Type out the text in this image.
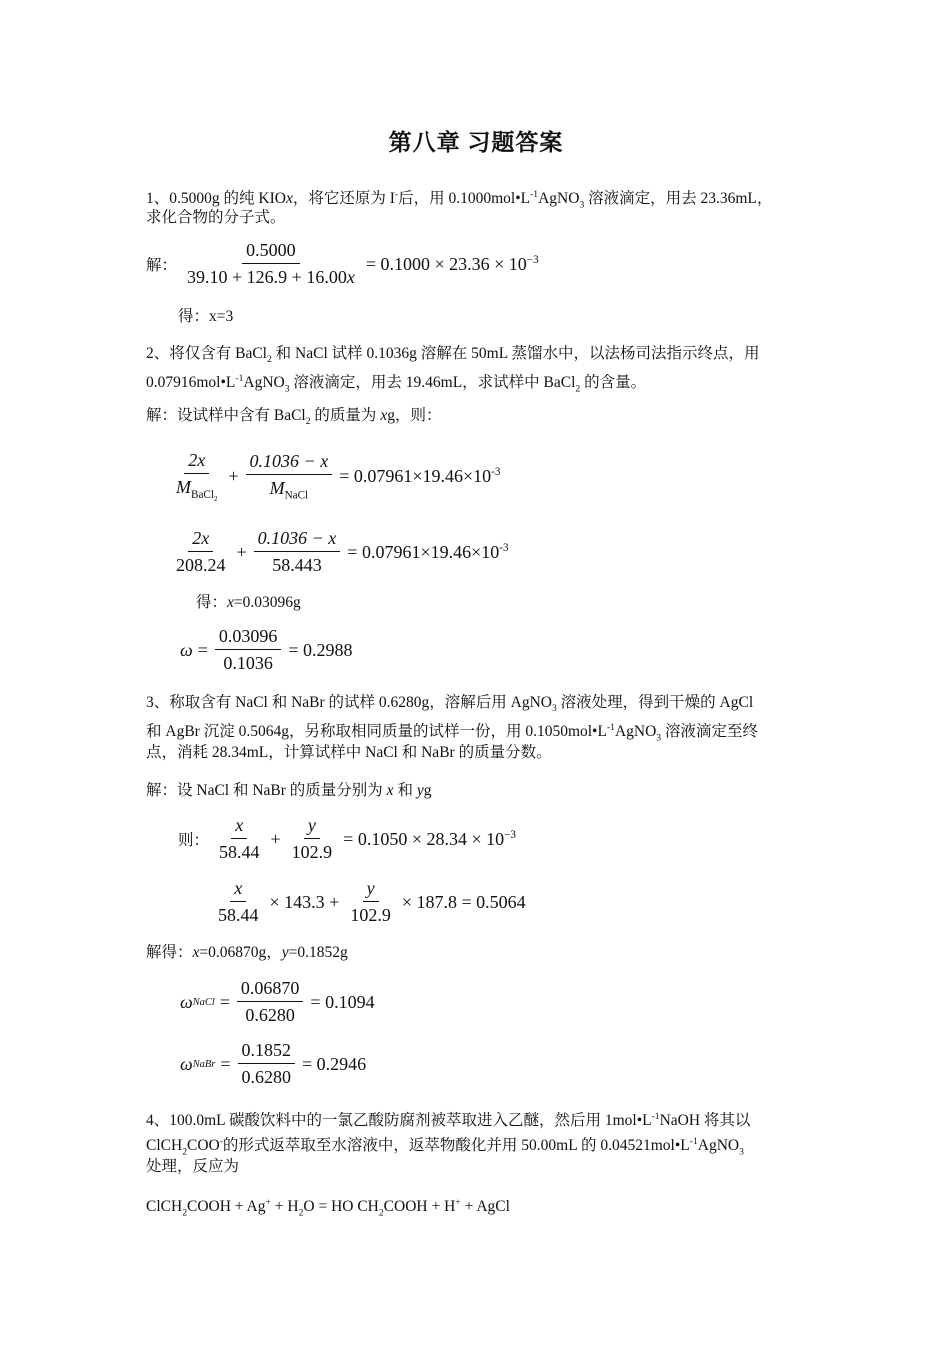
第八章 习题答案
1、0.5000g 的纯 KIOx，将它还原为 I-后，用 $0.1000mol•L^{-1}AgNO_3$ 溶液滴定，用去 23.36mL，
求化合物的分子式。
解： $\frac{0.5000}{39.10 + 126.9 + 16.00x} = 0.1000 \times 23.36 \times 10^{-3}$
得：x=3
2、将仅含有 BaCl$_2$ 和 NaCl 试样 0.1036g 溶解在 50mL 蒸馏水中，以法杨司法指示终点，用
$0.07916mol•L^{-1}AgNO_3$ 溶液滴定，用去 19.46mL，求试样中 BaCl$_2$ 的含量。
解：设试样中含有 BaCl$_2$ 的质量为 xg，则：
$\frac{2x}{M_{BaCl_2}} + \frac{0.1036 - x}{M_{NaCl}} = 0.07961\times 19.46\times 10^{-3}$
$\frac{2x}{208.24} + \frac{0.1036 - x}{58.443} = 0.07961\times 19.46\times 10^{-3}$
得：x=0.03096g
$\omega = \frac{0.03096}{0.1036} = 0.2988$
3、称取含有 NaCl 和 NaBr 的试样 0.6280g，溶解后用 AgNO$_3$ 溶液处理，得到干燥的 AgCl
和 AgBr 沉淀 0.5064g，另称取相同质量的试样一份，用 $0.1050mol•L^{-1}AgNO_3$ 溶液滴定至终
点，消耗 28.34mL，计算试样中 NaCl 和 NaBr 的质量分数。
解：设 NaCl 和 NaBr 的质量分别为 x 和 yg
则： $\frac{x}{58.44} + \frac{y}{102.9} = 0.1050 \times 28.34 \times 10^{-3}$
$\frac{x}{58.44} \times 143.3 + \frac{y}{102.9} \times 187.8 = 0.5064$
解得：x=0.06870g，y=0.1852g
ω NaCl = $\frac{0.06870}{0.6280} = 0.1094$
ω NaBr = $\frac{0.1852}{0.6280} = 0.2946$
4、100.0mL 碳酸饮料中的一氯乙酸防腐剂被萃取进入乙醚，然后用 $1mol•L^{-1}NaOH$ 将其以
ClCH$_2$COO-的形式返萃取至水溶液中，返萃物酸化并用 50.00mL 的 $0.04521mol•L^{-1}AgNO_3$
处理，反应为
ClCH$_2$COOH + $Ag^+ + H_2O$ = HO $CH_2COOH + H^+$ + AgCl
